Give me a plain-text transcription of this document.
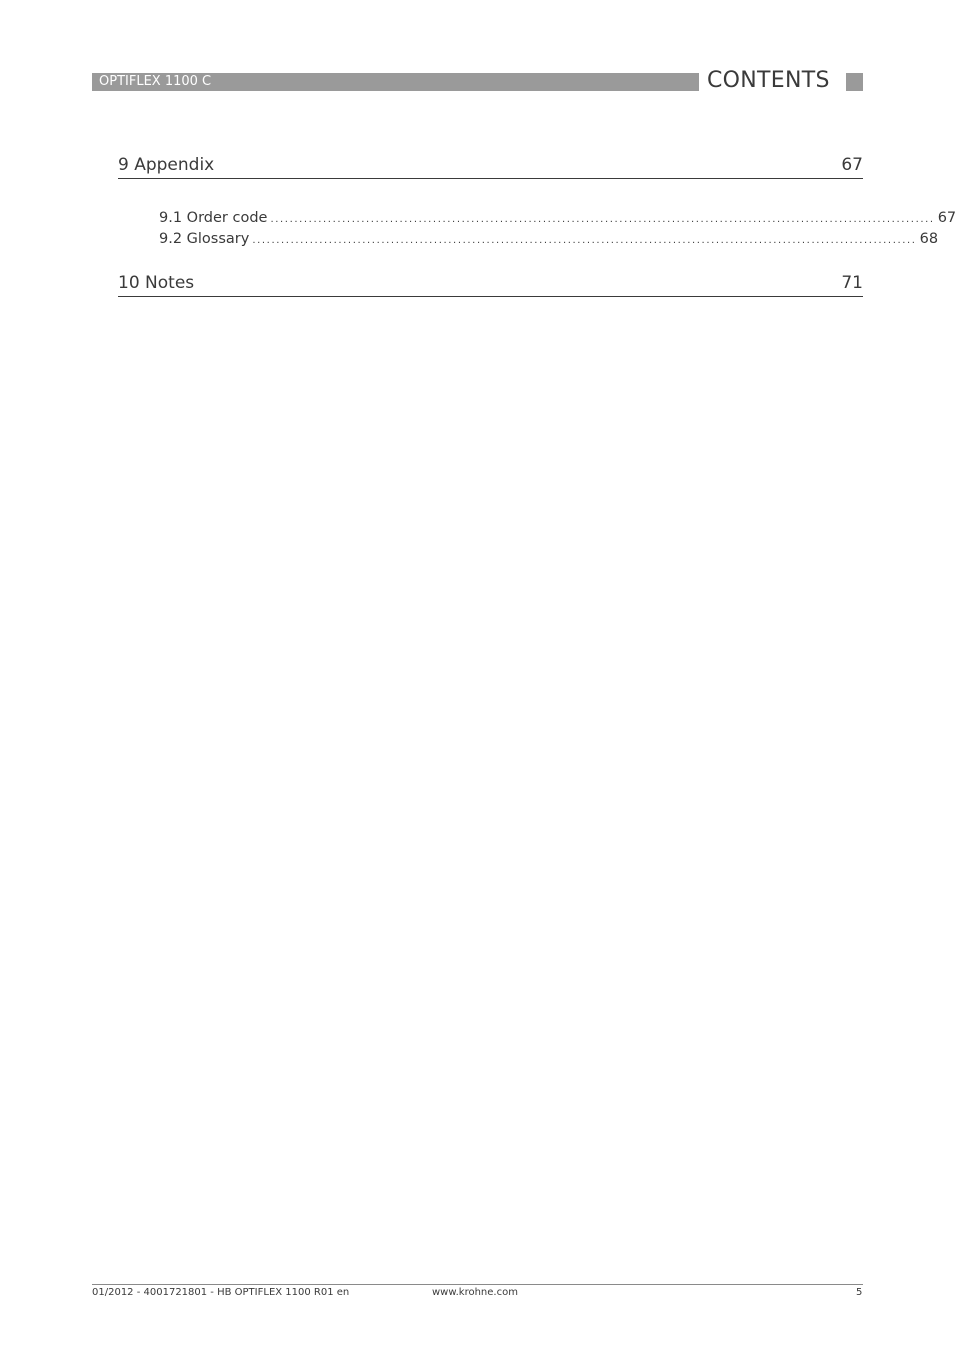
OPTIFLEX 1100 C	CONTENTS
9 Appendix	67
9.1 Order code ........................................................................................................................................... 67
9.2 Glossary ........................................................................................................................................... 68
10 Notes	71
01/2012 - 4001721801 - HB OPTIFLEX 1100 R01 en	www.krohne.com	5
